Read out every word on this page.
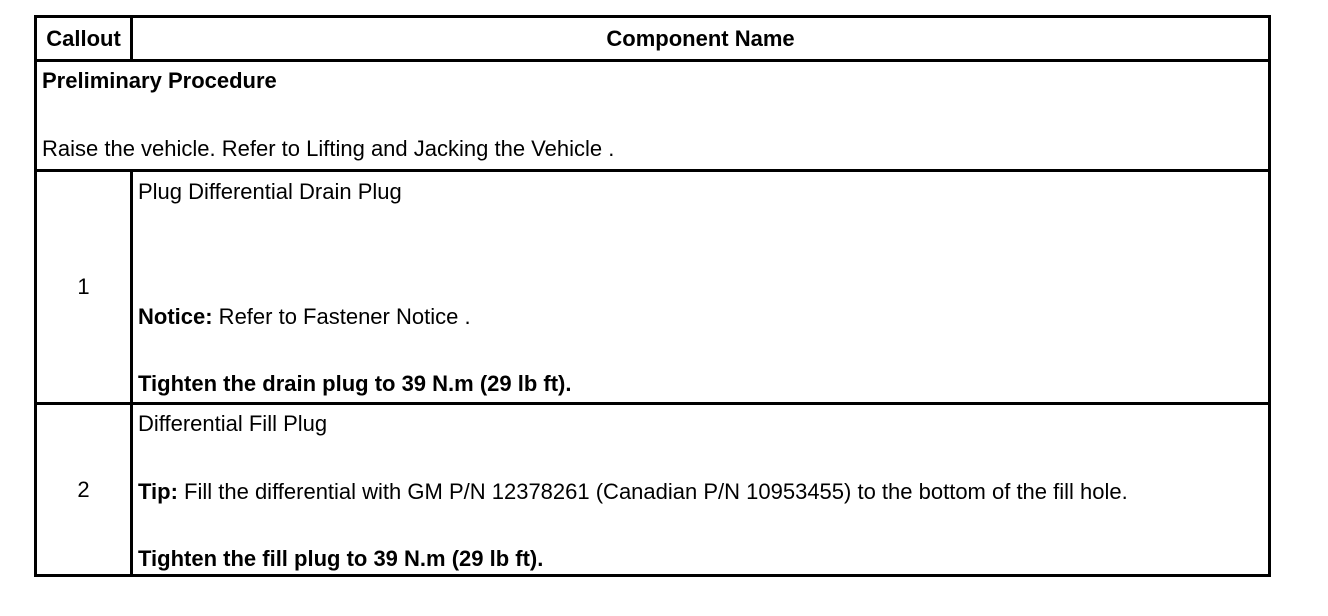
Callout	Component Name
Preliminary Procedure
Raise the vehicle. Refer to Lifting and Jacking the Vehicle .
1
Plug Differential Drain Plug
Notice: Refer to Fastener Notice .
Tighten the drain plug to 39 N.m (29 lb ft).
2
Differential Fill Plug
Tip: Fill the differential with GM P/N 12378261 (Canadian P/N 10953455) to the bottom of the fill hole.
Tighten the fill plug to 39 N.m (29 lb ft).
